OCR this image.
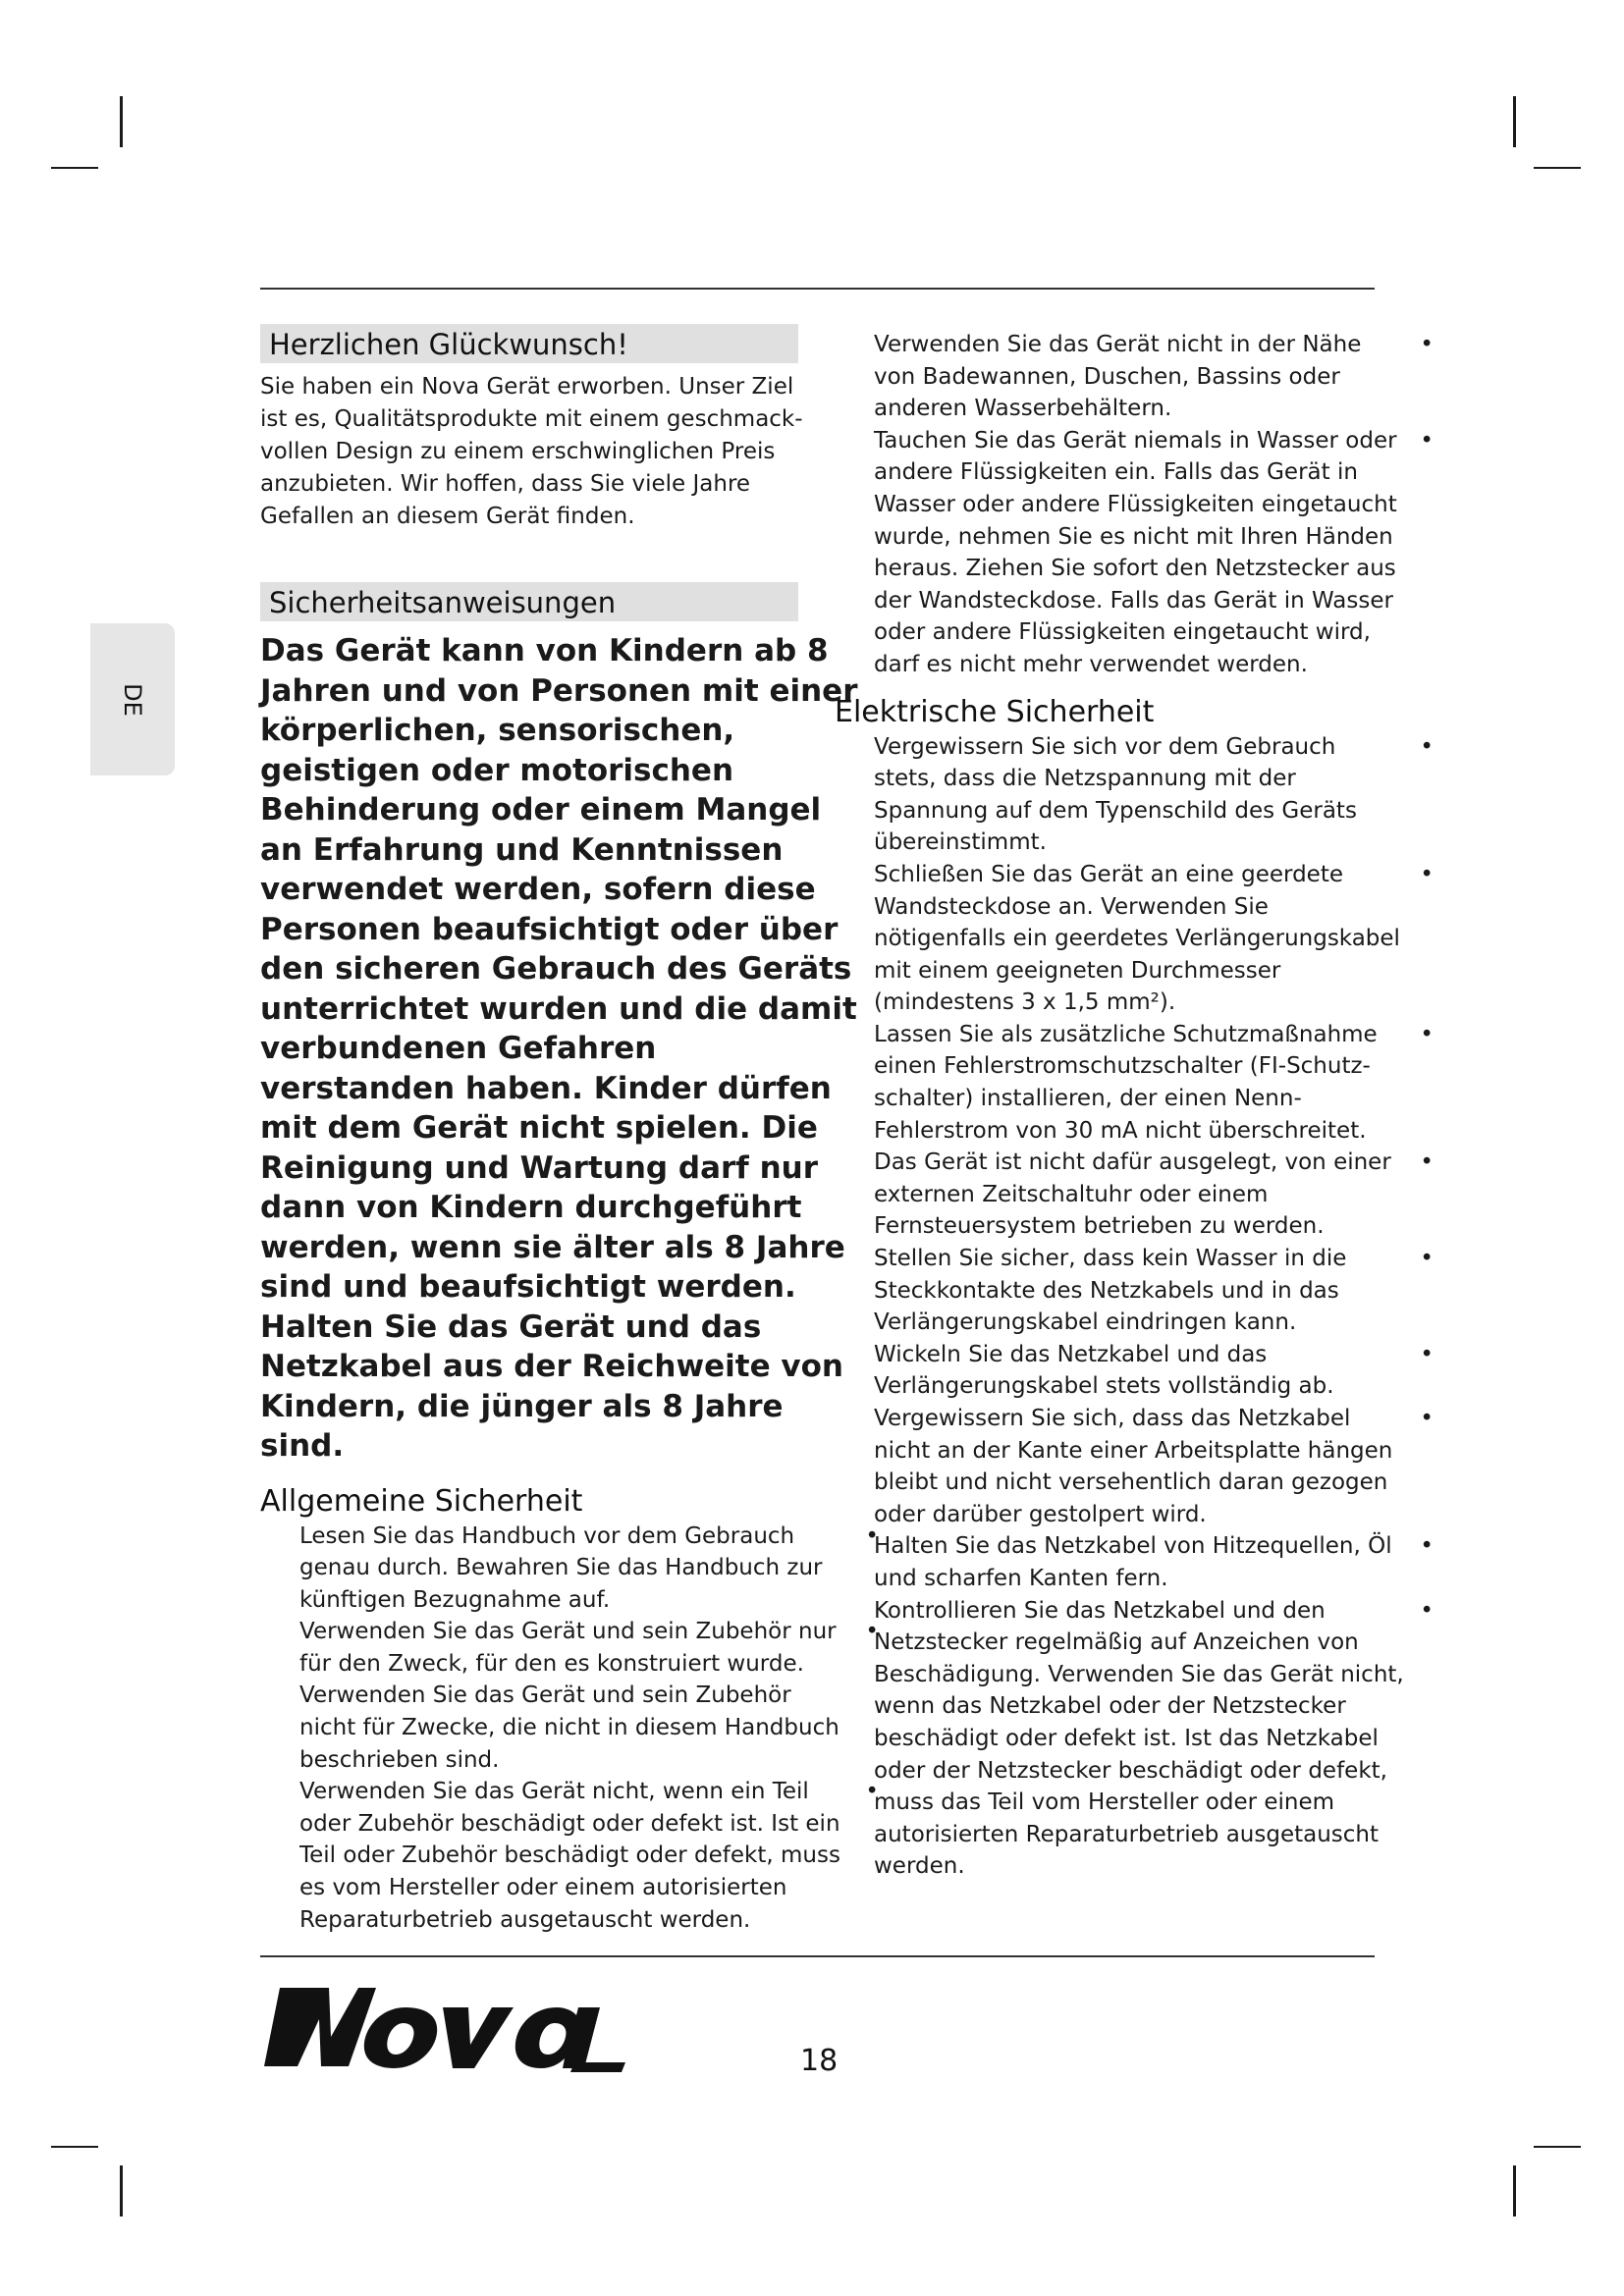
DE
Herzlichen Glückwunsch!

Sie haben ein Nova Gerät erworben. Unser Ziel ist es, Qualitätsprodukte mit einem geschmack-vollen Design zu einem erschwinglichen Preis anzubieten. Wir hoffen, dass Sie viele Jahre Gefallen an diesem Gerät finden.

Sicherheitsanweisungen

Das Gerät kann von Kindern ab 8 Jahren und von Personen mit einer körperlichen, sensorischen, geistigen oder motorischen Behinderung oder einem Mangel an Erfahrung und Kenntnissen verwendet werden, sofern diese Personen beaufsichtigt oder über den sicheren Gebrauch des Geräts unterrichtet wurden und die damit verbundenen Gefahren verstanden haben. Kinder dürfen mit dem Gerät nicht spielen. Die Reinigung und Wartung darf nur dann von Kindern durchgeführt werden, wenn sie älter als 8 Jahre sind und beaufsichtigt werden. Halten Sie das Gerät und das Netzkabel aus der Reichweite von Kindern, die jünger als 8 Jahre sind.

Allgemeine Sicherheit
Lesen Sie das Handbuch vor dem Gebrauch genau durch. Bewahren Sie das Handbuch zur künftigen Bezugnahme auf.
•
Verwenden Sie das Gerät und sein Zubehör nur für den Zweck, für den es konstruiert wurde. Verwenden Sie das Gerät und sein Zubehör nicht für Zwecke, die nicht in diesem Handbuch beschrieben sind.
•
Verwenden Sie das Gerät nicht, wenn ein Teil oder Zubehör beschädigt oder defekt ist. Ist ein Teil oder Zubehör beschädigt oder defekt, muss es vom Hersteller oder einem autorisierten Reparaturbetrieb ausgetauscht werden.
•
Verwenden Sie das Gerät nicht in der Nähe von Badewannen, Duschen, Bassins oder anderen Wasserbehältern.
•
Tauchen Sie das Gerät niemals in Wasser oder andere Flüssigkeiten ein. Falls das Gerät in Wasser oder andere Flüssigkeiten eingetaucht wurde, nehmen Sie es nicht mit Ihren Händen heraus. Ziehen Sie sofort den Netzstecker aus der Wandsteckdose. Falls das Gerät in Wasser oder andere Flüssigkeiten eingetaucht wird, darf es nicht mehr verwendet werden.
•
Elektrische Sicherheit
Vergewissern Sie sich vor dem Gebrauch stets, dass die Netzspannung mit der Spannung auf dem Typenschild des Geräts übereinstimmt.
•
Schließen Sie das Gerät an eine geerdete Wandsteckdose an. Verwenden Sie nötigenfalls ein geerdetes Verlängerungskabel mit einem geeigneten Durchmesser (mindestens 3 x 1,5 mm²).
•
Lassen Sie als zusätzliche Schutzmaßnahme einen Fehlerstromschutzschalter (FI-Schutz-schalter) installieren, der einen Nenn-Fehlerstrom von 30 mA nicht überschreitet.
•
Das Gerät ist nicht dafür ausgelegt, von einer externen Zeitschaltuhr oder einem Fernsteuersystem betrieben zu werden.
•
Stellen Sie sicher, dass kein Wasser in die Steckkontakte des Netzkabels und in das Verlängerungskabel eindringen kann.
•
Wickeln Sie das Netzkabel und das Verlängerungskabel stets vollständig ab.
•
Vergewissern Sie sich, dass das Netzkabel nicht an der Kante einer Arbeitsplatte hängen bleibt und nicht versehentlich daran gezogen oder darüber gestolpert wird.
•
Halten Sie das Netzkabel von Hitzequellen, Öl und scharfen Kanten fern.
•
Kontrollieren Sie das Netzkabel und den Netzstecker regelmäßig auf Anzeichen von Beschädigung. Verwenden Sie das Gerät nicht, wenn das Netzkabel oder der Netzstecker beschädigt oder defekt ist. Ist das Netzkabel oder der Netzstecker beschädigt oder defekt, muss das Teil vom Hersteller oder einem autorisierten Reparaturbetrieb ausgetauscht werden.
•
Nova
18
